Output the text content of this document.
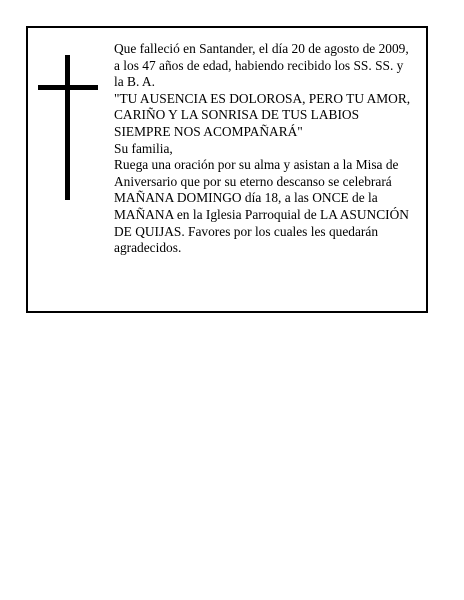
Que falleció en Santander, el día 20 de agosto de 2009,
a los 47 años de edad, habiendo recibido los SS. SS. y
la B. A.
"TU AUSENCIA ES DOLOROSA, PERO TU AMOR,
CARIÑO Y LA SONRISA DE TUS LABIOS
SIEMPRE NOS ACOMPAÑARÁ"
Su familia,
Ruega una oración por su alma y asistan a la Misa de
Aniversario que por su eterno descanso se celebrará
MAÑANA DOMINGO día 18, a las ONCE de la
MAÑANA en la Iglesia Parroquial de LA ASUNCIÓN
DE QUIJAS. Favores por los cuales les quedarán
agradecidos.
